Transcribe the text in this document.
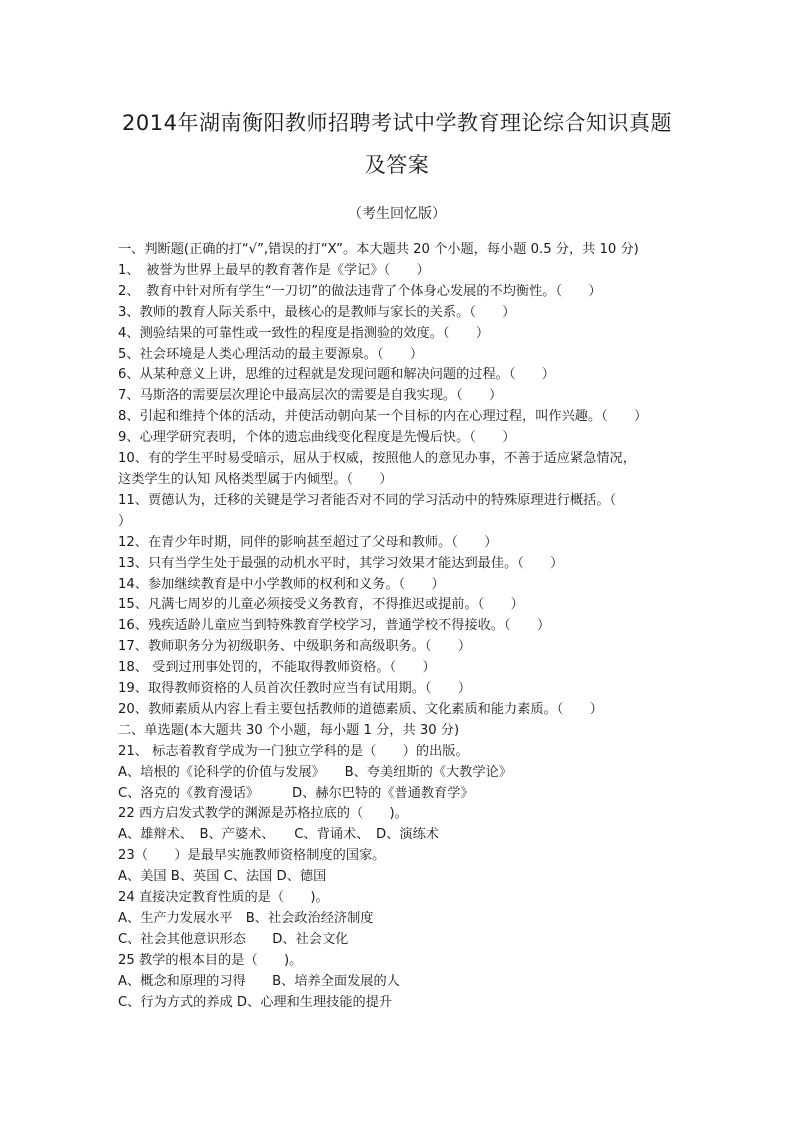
2014年湖南衡阳教师招聘考试中学教育理论综合知识真题
及答案
（考生回忆版）
一、判断题(正确的打“√”,错误的打“X”。本大题共 20 个小题，每小题 0.5 分，共 10 分)
1、　被誉为世界上最早的教育著作是《学记》（　　）
2、　教育中针对所有学生“一刀切”的做法违背了个体身心发展的不均衡性。（　　）
3、教师的教育人际关系中，最核心的是教师与家长的关系。（　　）
4、测验结果的可靠性或一致性的程度是指测验的效度。（　　）
5、社会环境是人类心理活动的最主要源泉。（　　）
6、从某种意义上讲，思维的过程就是发现问题和解决问题的过程。（　　）
7、马斯洛的需要层次理论中最高层次的需要是自我实现。（　　）
8、引起和维持个体的活动，并使活动朝向某一个目标的内在心理过程，叫作兴趣。（　　）
9、心理学研究表明，个体的遗忘曲线变化程度是先慢后快。（　　）
10、有的学生平时易受暗示，屈从于权威，按照他人的意见办事，不善于适应紧急情况，
这类学生的认知 风格类型属于内倾型。（　　）
11、贾德认为，迁移的关键是学习者能否对不同的学习活动中的特殊原理进行概括。（
）
12、在青少年时期，同伴的影响甚至超过了父母和教师。（　　）
13、只有当学生处于最强的动机水平时，其学习效果才能达到最佳。（　　）
14、参加继续教育是中小学教师的权利和义务。（　　）
15、凡满七周岁的儿童必须接受义务教育，不得推迟或提前。（　　）
16、残疾适龄儿童应当到特殊教育学校学习，普通学校不得接收。（　　）
17、教师职务分为初级职务、中级职务和高级职务。（　　）
18、 受到过刑事处罚的，不能取得教师资格。（　　）
19、取得教师资格的人员首次任教时应当有试用期。（　　）
20、教师素质从内容上看主要包括教师的道德素质、文化素质和能力素质。（　　）
二、单选题(本大题共 30 个小题，每小题 1 分，共 30 分)
21、 标志着教育学成为一门独立学科的是（　　）的出版。
A、培根的《论科学的价值与发展》　　B、夸美纽斯的《大教学论》
C、洛克的《教育漫话》　　　D、赫尔巴特的《普通教育学》
22 西方启发式教学的渊源是苏格拉底的（　　)。
A、雄辩术、　B、产婆术、　　C、背诵术、　D、演练术
23（　　）是最早实施教师资格制度的国家。
A、美国 B、英国 C、法国 D、德国
24 直接决定教育性质的是（　　)。
A、生产力发展水平　B、社会政治经济制度
C、社会其他意识形态　　D、社会文化
25 教学的根本目的是（　　)。
A、概念和原理的习得　　B、培养全面发展的人
C、行为方式的养成 D、心理和生理技能的提升
